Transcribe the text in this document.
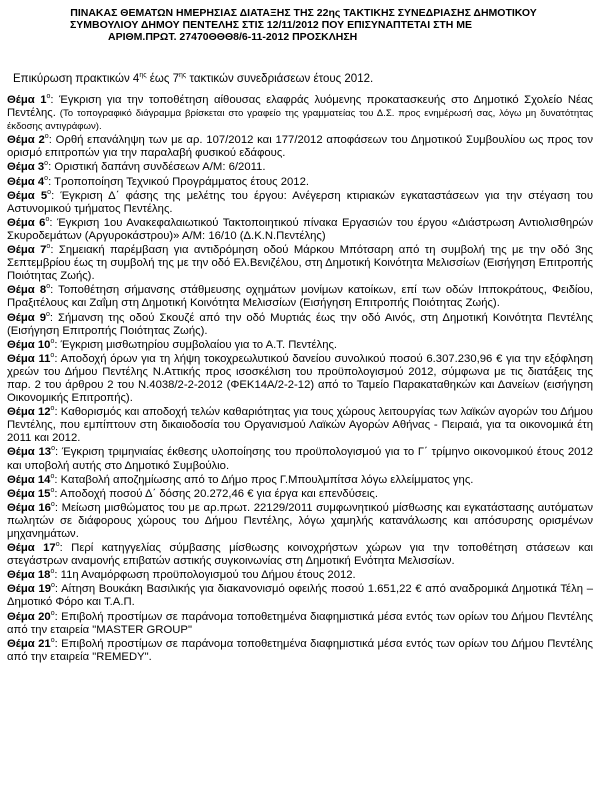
ΠΙΝΑΚΑΣ ΘΕΜΑΤΩΝ ΗΜΕΡΗΣΙΑΣ ΔΙΑΤΑΞΗΣ ΤΗΣ 22ης ΤΑΚΤΙΚΗΣ ΣΥΝΕΔΡΙΑΣΗΣ ΔΗΜΟΤΙΚΟΥ
ΣΥΜΒΟΥΛΙΟΥ ΔΗΜΟΥ ΠΕΝΤΕΛΗΣ ΣΤΙΣ 12/11/2012 ΠΟΥ ΕΠΙΣΥΝΑΠΤΕΤΑΙ ΣΤΗ ΜΕ
ΑΡΙΘΜ.ΠΡΩΤ. 27470ΘΘΘ8/6-11-2012 ΠΡΟΣΚΛΗΣΗ
Επικύρωση πρακτικών $4^{\eta\varsigma}$ έως $7^{\eta\varsigma}$ τακτικών συνεδριάσεων έτους 2012.
Θέμα $1^o$: Έγκριση για την τοποθέτηση αίθουσας ελαφράς λυόμενης προκατασκευής στο Δημοτικό Σχολείο Νέας Πεντέλης. (Το τοπογραφικό διάγραμμα βρίσκεται στο γραφείο της γραμματείας του Δ.Σ. προς ενημέρωσή σας, λόγω μη δυνατότητας έκδοσης αντιγράφων).
Θέμα $2^o$: Ορθή επανάληψη των με αρ. 107/2012 και 177/2012 αποφάσεων του Δημοτικού Συμβουλίου ως προς τον ορισμό επιτροπών για την παραλαβή φυσικού εδάφους.
Θέμα $3^o$: Οριστική δαπάνη συνδέσεων Α/Μ: 6/2011.
Θέμα $4^o$: Τροποποίηση Τεχνικού Προγράμματος έτους 2012.
Θέμα $5^o$: Έγκριση Δ΄ φάσης της μελέτης του έργου: Ανέγερση κτιριακών εγκαταστάσεων για την στέγαση του Αστυνομικού τμήματος Πεντέλης.
Θέμα $6^o$: Έγκριση 1ου Ανακεφαλαιωτικού Τακτοποιητικού πίνακα Εργασιών του έργου «Διάστρωση Αντιολισθηρών Σκυροδεμάτων (Αργυροκάστρου)» Α/Μ: 16/10 (Δ.Κ.Ν.Πεντέλης)
Θέμα $7^o$: Σημειακή παρέμβαση για αντιδρόμηση οδού Μάρκου Μπότσαρη από τη συμβολή της με την οδό 3ης Σεπτεμβρίου έως τη συμβολή της με την οδό Ελ.Βενιζέλου, στη Δημοτική Κοινότητα Μελισσίων (Εισήγηση Επιτροπής Ποιότητας Ζωής).
Θέμα $8^o$: Τοποθέτηση σήμανσης στάθμευσης οχημάτων μονίμων κατοίκων, επί των οδών Ιπποκράτους, Φειδίου, Πραξιτέλους και Ζαΐμη στη Δημοτική Κοινότητα Μελισσίων (Εισήγηση Επιτροπής Ποιότητας Ζωής).
Θέμα $9^o$: Σήμανση της οδού Σκουζέ από την οδό Μυρτιάς έως την οδό Αινός, στη Δημοτική Κοινότητα Πεντέλης (Εισήγηση Επιτροπής Ποιότητας Ζωής).
Θέμα $10^o$: Έγκριση μισθωτηρίου συμβολαίου για το Α.Τ. Πεντέλης.
Θέμα $11^o$: Αποδοχή όρων για τη λήψη τοκοχρεωλυτικού δανείου συνολικού ποσού 6.307.230,96 € για την εξόφληση χρεών του Δήμου Πεντέλης Ν.Αττικής προς ισοσκέλιση του προϋπολογισμού 2012, σύμφωνα με τις διατάξεις της παρ. 2 του άρθρου 2 του Ν.4038/2-2-2012 (ΦΕΚ14Α/2-2-12) από το Ταμείο Παρακαταθηκών και Δανείων (εισήγηση Οικονομικής Επιτροπής).
Θέμα $12^o$: Καθορισμός και αποδοχή τελών καθαριότητας για τους χώρους λειτουργίας των λαϊκών αγορών του Δήμου Πεντέλης, που εμπίπτουν στη δικαιοδοσία του Οργανισμού Λαϊκών Αγορών Αθήνας - Πειραιά, για τα οικονομικά έτη 2011 και 2012.
Θέμα $13^o$: Έγκριση τριμηνιαίας έκθεσης υλοποίησης του προϋπολογισμού για το Γ΄ τρίμηνο οικονομικού έτους 2012 και υποβολή αυτής στο Δημοτικό Συμβούλιο.
Θέμα $14^o$: Καταβολή αποζημίωσης από το Δήμο προς Γ.Μπουλμπίτσα λόγω ελλείμματος γης.
Θέμα $15^o$: Αποδοχή ποσού Δ΄ δόσης 20.272,46 € για έργα και επενδύσεις.
Θέμα $16^o$: Μείωση μισθώματος του με αρ.πρωτ. 22129/2011 συμφωνητικού μίσθωσης και εγκατάστασης αυτόματων πωλητών σε διάφορους χώρους του Δήμου Πεντέλης, λόγω χαμηλής κατανάλωσης και απόσυρσης ορισμένων μηχανημάτων.
Θέμα $17^o$: Περί κατηγγελίας σύμβασης μίσθωσης κοινοχρήστων χώρων για την τοποθέτηση στάσεων και στεγάστρων αναμονής επιβατών αστικής συγκοινωνίας στη Δημοτική Ενότητα Μελισσίων.
Θέμα $18^o$: 11η Αναμόρφωση προϋπολογισμού του Δήμου έτους 2012.
Θέμα $19^o$: Αίτηση Βουκάκη Βασιλικής για διακανονισμό οφειλής ποσού 1.651,22 € από αναδρομικά Δημοτικά Τέλη – Δημοτικό Φόρο και Τ.Α.Π.
Θέμα $20^o$: Επιβολή προστίμων σε παράνομα τοποθετημένα διαφημιστικά μέσα εντός των ορίων του Δήμου Πεντέλης από την εταιρεία "MASTER GROUP"
Θέμα $21^o$: Επιβολή προστίμων σε παράνομα τοποθετημένα διαφημιστικά μέσα εντός των ορίων του Δήμου Πεντέλης από την εταιρεία "REMEDY".
